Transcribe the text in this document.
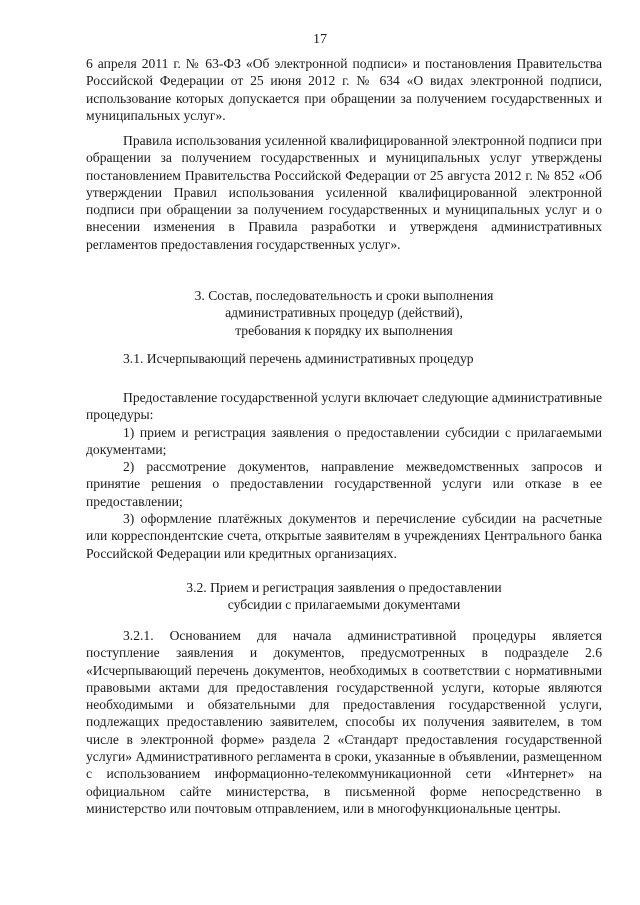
17

6 апреля 2011 г. № 63-ФЗ «Об электронной подписи» и постановления Правительства Российской Федерации от 25 июня 2012 г. № 634 «О видах электронной подписи, использование которых допускается при обращении за получением государственных и муниципальных услуг».

Правила использования усиленной квалифицированной электронной подписи при обращении за получением государственных и муниципальных услуг утверждены постановлением Правительства Российской Федерации от 25 августа 2012 г. № 852 «Об утверждении Правил использования усиленной квалифицированной электронной подписи при обращении за получением государственных и муниципальных услуг и о внесении изменения в Правила разработки и утвержденя административных регламентов предоставления государственных услуг».

3. Состав, последовательность и сроки выполнения
административных процедур (действий),
требования к порядку их выполнения
3.1. Исчерпывающий перечень административных процедур

Предоставление государственной услуги включает следующие административные процедуры:

1) прием и регистрация заявления о предоставлении субсидии с прилагаемыми документами;

2) рассмотрение документов, направление межведомственных запросов и принятие решения о предоставлении государственной услуги или отказе в ее предоставлении;

3) оформление платёжных документов и перечисление субсидии на расчетные или корреспондентские счета, открытые заявителям в учреждениях Центрального банка Российской Федерации или кредитных организациях.

3.2. Прием и регистрация заявления о предоставлении
субсидии с прилагаемыми документами

3.2.1. Основанием для начала административной процедуры является поступление заявления и документов, предусмотренных в подразделе 2.6 «Исчерпывающий перечень документов, необходимых в соответствии с нормативными правовыми актами для предоставления государственной услуги, которые являются необходимыми и обязательными для предоставления государственной услуги, подлежащих предоставлению заявителем, способы их получения заявителем, в том числе в электронной форме» раздела 2 «Стандарт предоставления государственной услуги» Административного регламента в сроки, указанные в объявлении, размещенном с использованием информационно-телекоммуникационной сети «Интернет» на официальном сайте министерства, в письменной форме непосредственно в министерство или почтовым отправлением, или в многофункциональные центры.
